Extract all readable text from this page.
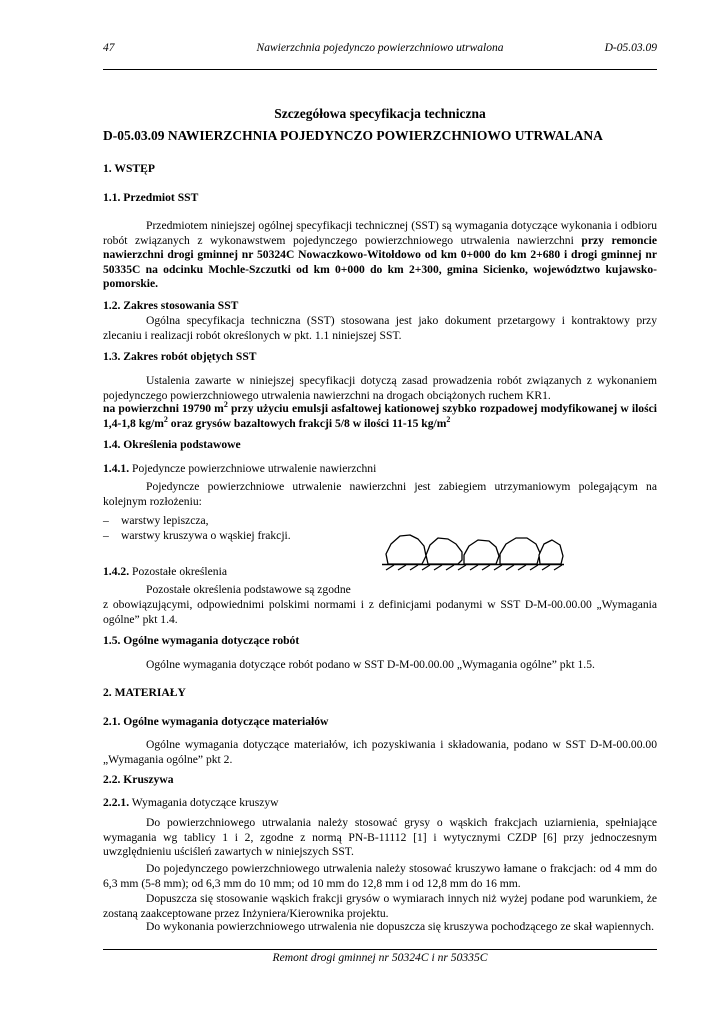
47	Nawierzchnia pojedynczo powierzchniowo utrwalona	D-05.03.09
Szczegółowa specyfikacja techniczna
D-05.03.09 NAWIERZCHNIA POJEDYNCZO POWIERZCHNIOWO UTRWALANA
1. WSTĘP
1.1. Przedmiot SST
Przedmiotem niniejszej ogólnej specyfikacji technicznej (SST) są wymagania dotyczące wykonania i odbioru robót związanych z wykonawstwem pojedynczego powierzchniowego utrwalenia nawierzchni przy remoncie nawierzchni drogi gminnej nr 50324C Nowaczkowo-Witołdowo od km 0+000 do km 2+680 i drogi gminnej nr 50335C na odcinku Mochle-Szczutki od km 0+000 do km 2+300, gmina Sicienko, województwo kujawsko-pomorskie.
1.2. Zakres stosowania SST
Ogólna specyfikacja techniczna (SST) stosowana jest jako dokument przetargowy i kontraktowy przy zlecaniu i realizacji robót określonych w pkt. 1.1 niniejszej SST.
1.3. Zakres robót objętych SST
Ustalenia zawarte w niniejszej specyfikacji dotyczą zasad prowadzenia robót związanych z wykonaniem pojedynczego powierzchniowego utrwalenia nawierzchni na drogach obciążonych ruchem KR1.
na powierzchni 19790 $m^2$ przy użyciu emulsji asfaltowej kationowej szybko rozpadowej modyfikowanej w ilości 1,4-1,8 $kg/m^2$ oraz grysów bazaltowych frakcji 5/8 w ilości 11-15 $kg/m^2$
1.4. Określenia podstawowe
1.4.1. Pojedyncze powierzchniowe utrwalenie nawierzchni
Pojedyncze powierzchniowe utrwalenie nawierzchni jest zabiegiem utrzymaniowym polegającym na kolejnym rozłożeniu:
– warstwy lepiszcza,
– warstwy kruszywa o wąskiej frakcji.
1.4.2. Pozostałe określenia
Pozostałe określenia podstawowe są zgodne
z obowiązującymi, odpowiednimi polskimi normami i z definicjami podanymi w SST D-M-00.00.00 „Wymagania ogólne” pkt 1.4.
1.5. Ogólne wymagania dotyczące robót
Ogólne wymagania dotyczące robót podano w SST D-M-00.00.00 „Wymagania ogólne” pkt 1.5.
2. MATERIAŁY
2.1. Ogólne wymagania dotyczące materiałów
Ogólne wymagania dotyczące materiałów, ich pozyskiwania i składowania, podano w SST D-M-00.00.00 „Wymagania ogólne” pkt 2.
2.2. Kruszywa
2.2.1. Wymagania dotyczące kruszyw
Do powierzchniowego utrwalania należy stosować grysy o wąskich frakcjach uziarnienia, spełniające wymagania wg tablicy 1 i 2, zgodne z normą PN-B-11112 [1] i wytycznymi CZDP [6] przy jednoczesnym uwzględnieniu uściśleń zawartych w niniejszych SST.
Do pojedynczego powierzchniowego utrwalenia należy stosować kruszywo łamane o frakcjach: od 4 mm do 6,3 mm (5-8 mm); od 6,3 mm do 10 mm; od 10 mm do 12,8 mm i od 12,8 mm do 16 mm.
Dopuszcza się stosowanie wąskich frakcji grysów o wymiarach innych niż wyżej podane pod warunkiem, że zostaną zaakceptowane przez Inżyniera/Kierownika projektu.
Do wykonania powierzchniowego utrwalenia nie dopuszcza się kruszywa pochodzącego ze skał wapiennych.
Remont drogi gminnej nr 50324C i nr 50335C
